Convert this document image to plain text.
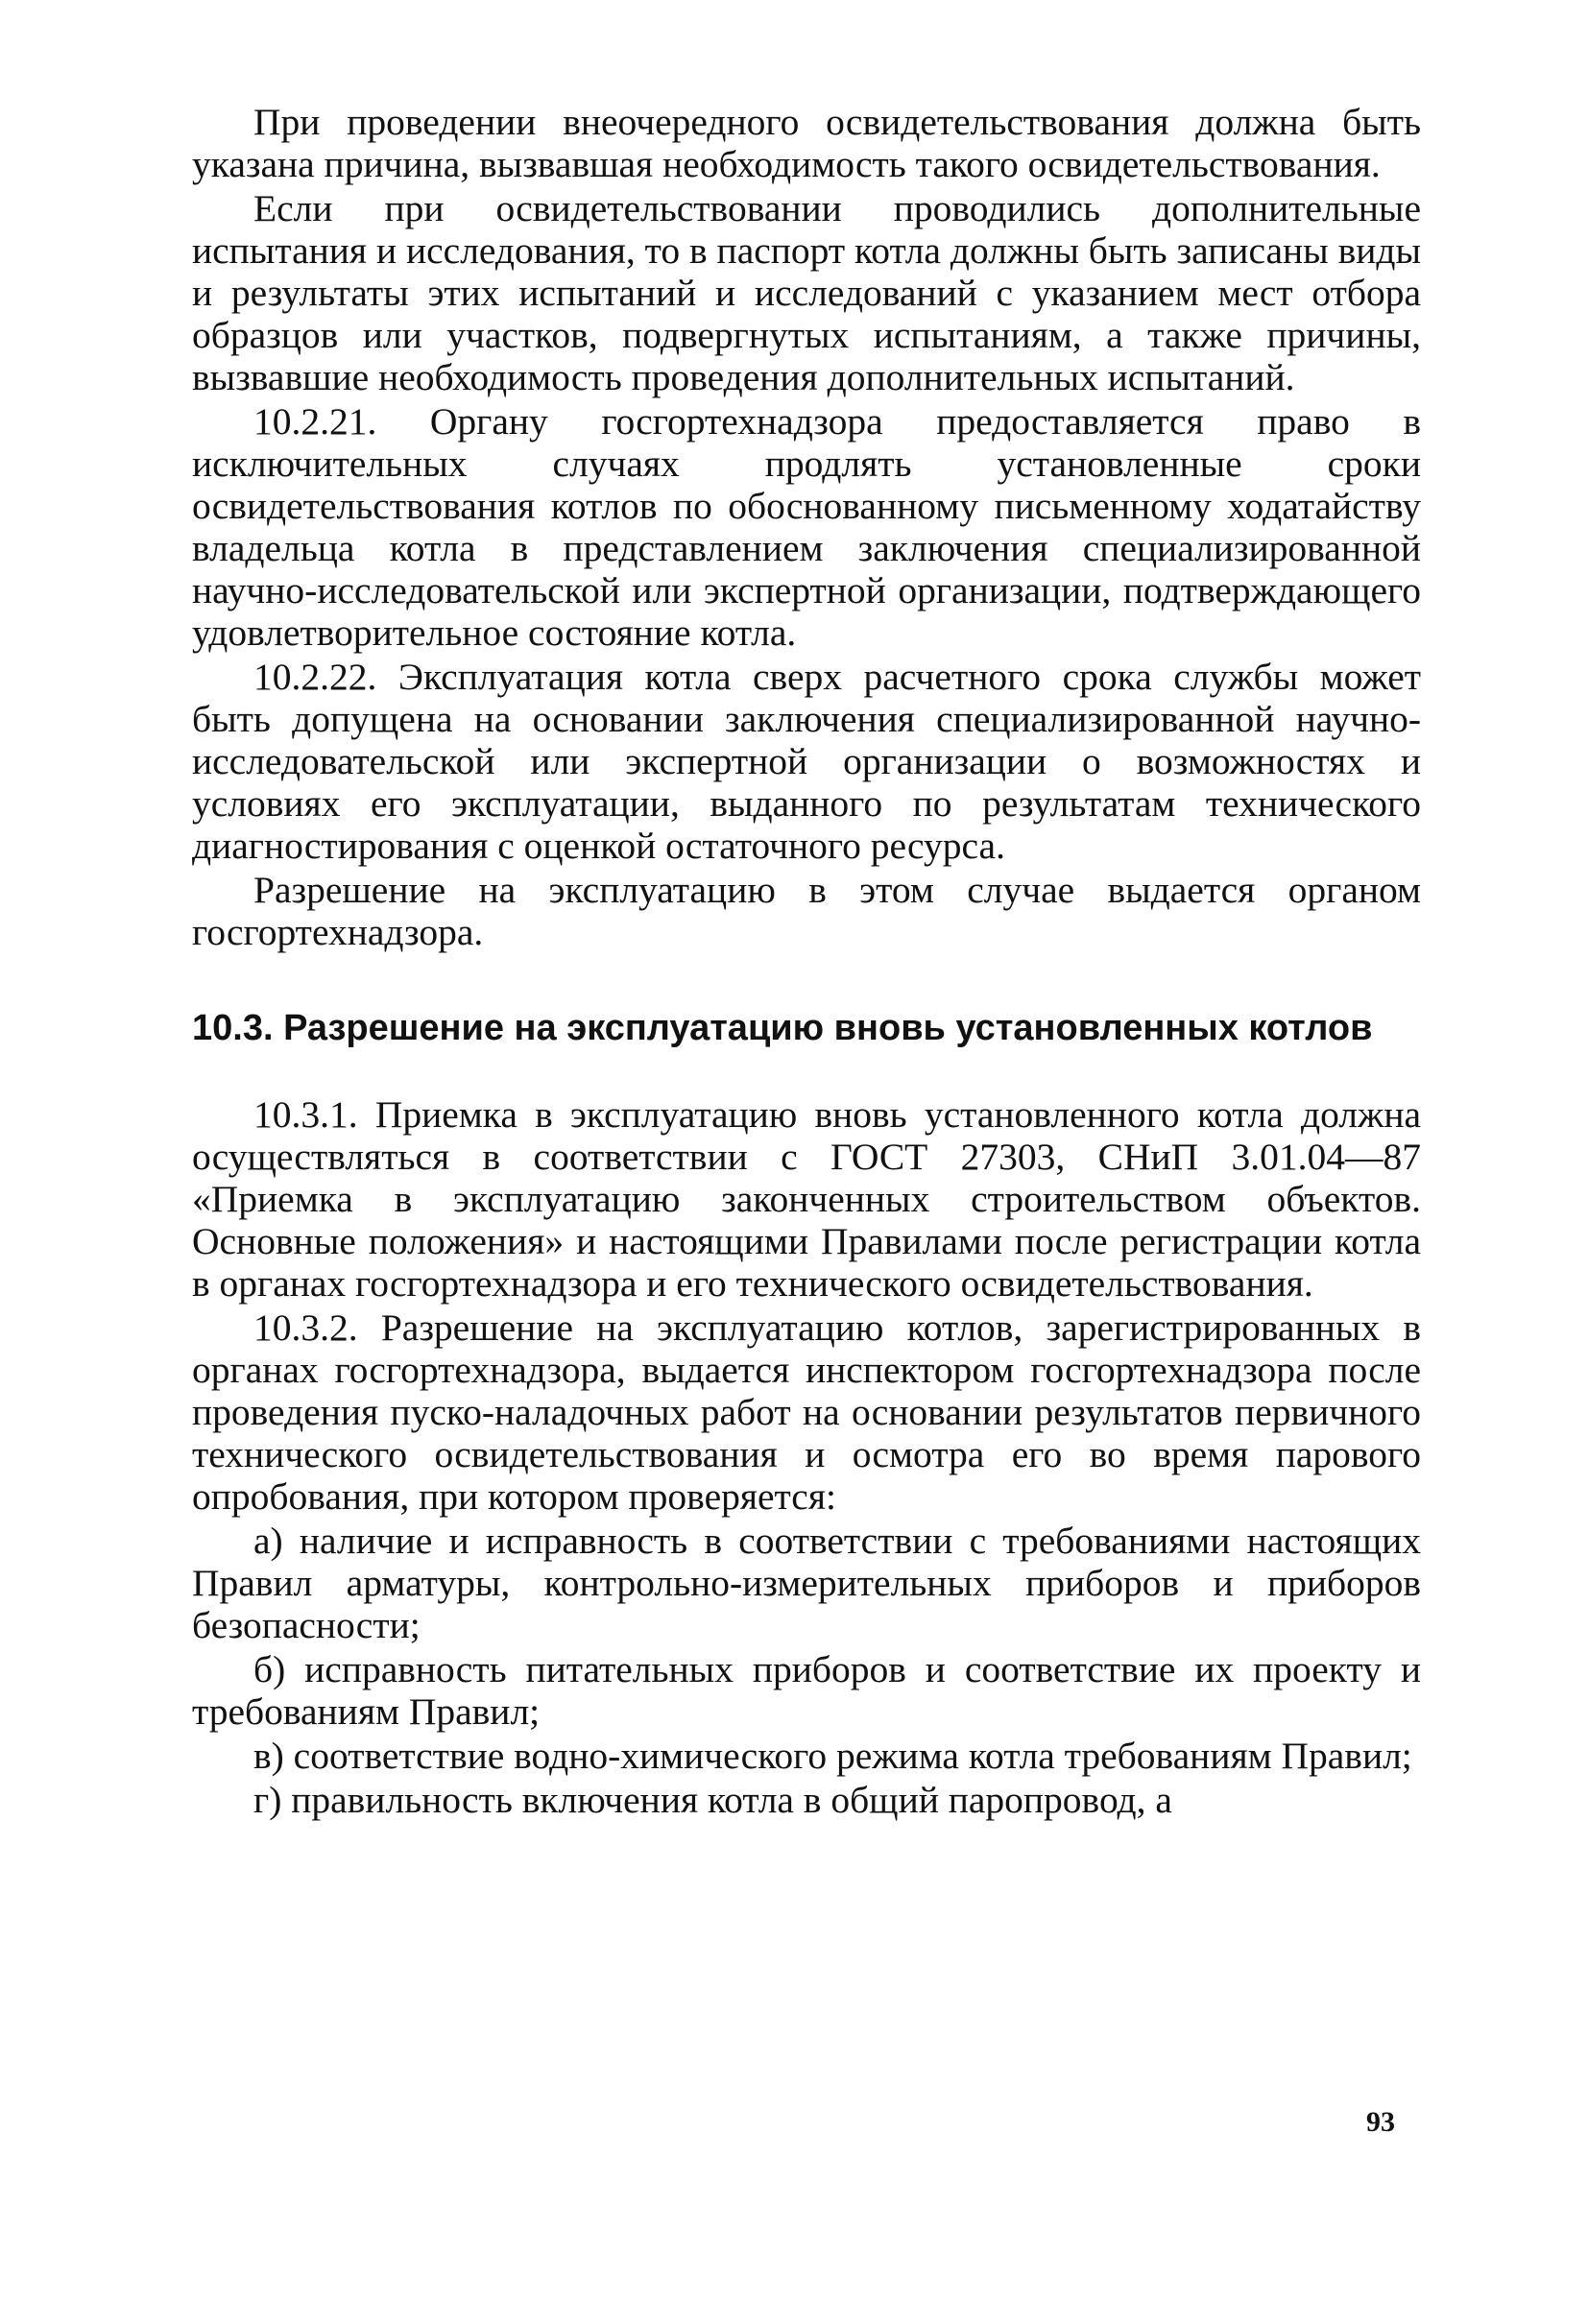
При проведении внеочередного освидетельствования должна быть указана причина, вызвавшая необходимость такого освидетельствования.

Если при освидетельствовании проводились дополнительные испытания и исследования, то в паспорт котла должны быть записаны виды и результаты этих испытаний и исследований с указанием мест отбора образцов или участков, подвергнутых испытаниям, а также причины, вызвавшие необходимость проведения дополнительных испытаний.

10.2.21. Органу госгортехнадзора предоставляется право в исключительных случаях продлять установленные сроки освидетельствования котлов по обоснованному письменному ходатайству владельца котла в представлением заключения специализированной научно-исследовательской или экспертной организации, подтверждающего удовлетворительное состояние котла.

10.2.22. Эксплуатация котла сверх расчетного срока службы может быть допущена на основании заключения специализированной научно-исследовательской или экспертной организации о возможностях и условиях его эксплуатации, выданного по результатам технического диагностирования с оценкой остаточного ресурса.

Разрешение на эксплуатацию в этом случае выдается органом госгортехнадзора.

10.3. Разрешение на эксплуатацию вновь установленных котлов

10.3.1. Приемка в эксплуатацию вновь установленного котла должна осуществляться в соответствии с ГОСТ 27303, СНиП 3.01.04—87 «Приемка в эксплуатацию законченных строительством объектов. Основные положения» и настоящими Правилами после регистрации котла в органах госгортехнадзора и его технического освидетельствования.

10.3.2. Разрешение на эксплуатацию котлов, зарегистрированных в органах госгортехнадзора, выдается инспектором госгортехнадзора после проведения пуско-наладочных работ на основании результатов первичного технического освидетельствования и осмотра его во время парового опробования, при котором проверяется:

а) наличие и исправность в соответствии с требованиями настоящих Правил арматуры, контрольно-измерительных приборов и приборов безопасности;

б) исправность питательных приборов и соответствие их проекту и требованиям Правил;

в) соответствие водно-химического режима котла требованиям Правил;

г) правильность включения котла в общий паропровод, а

93
